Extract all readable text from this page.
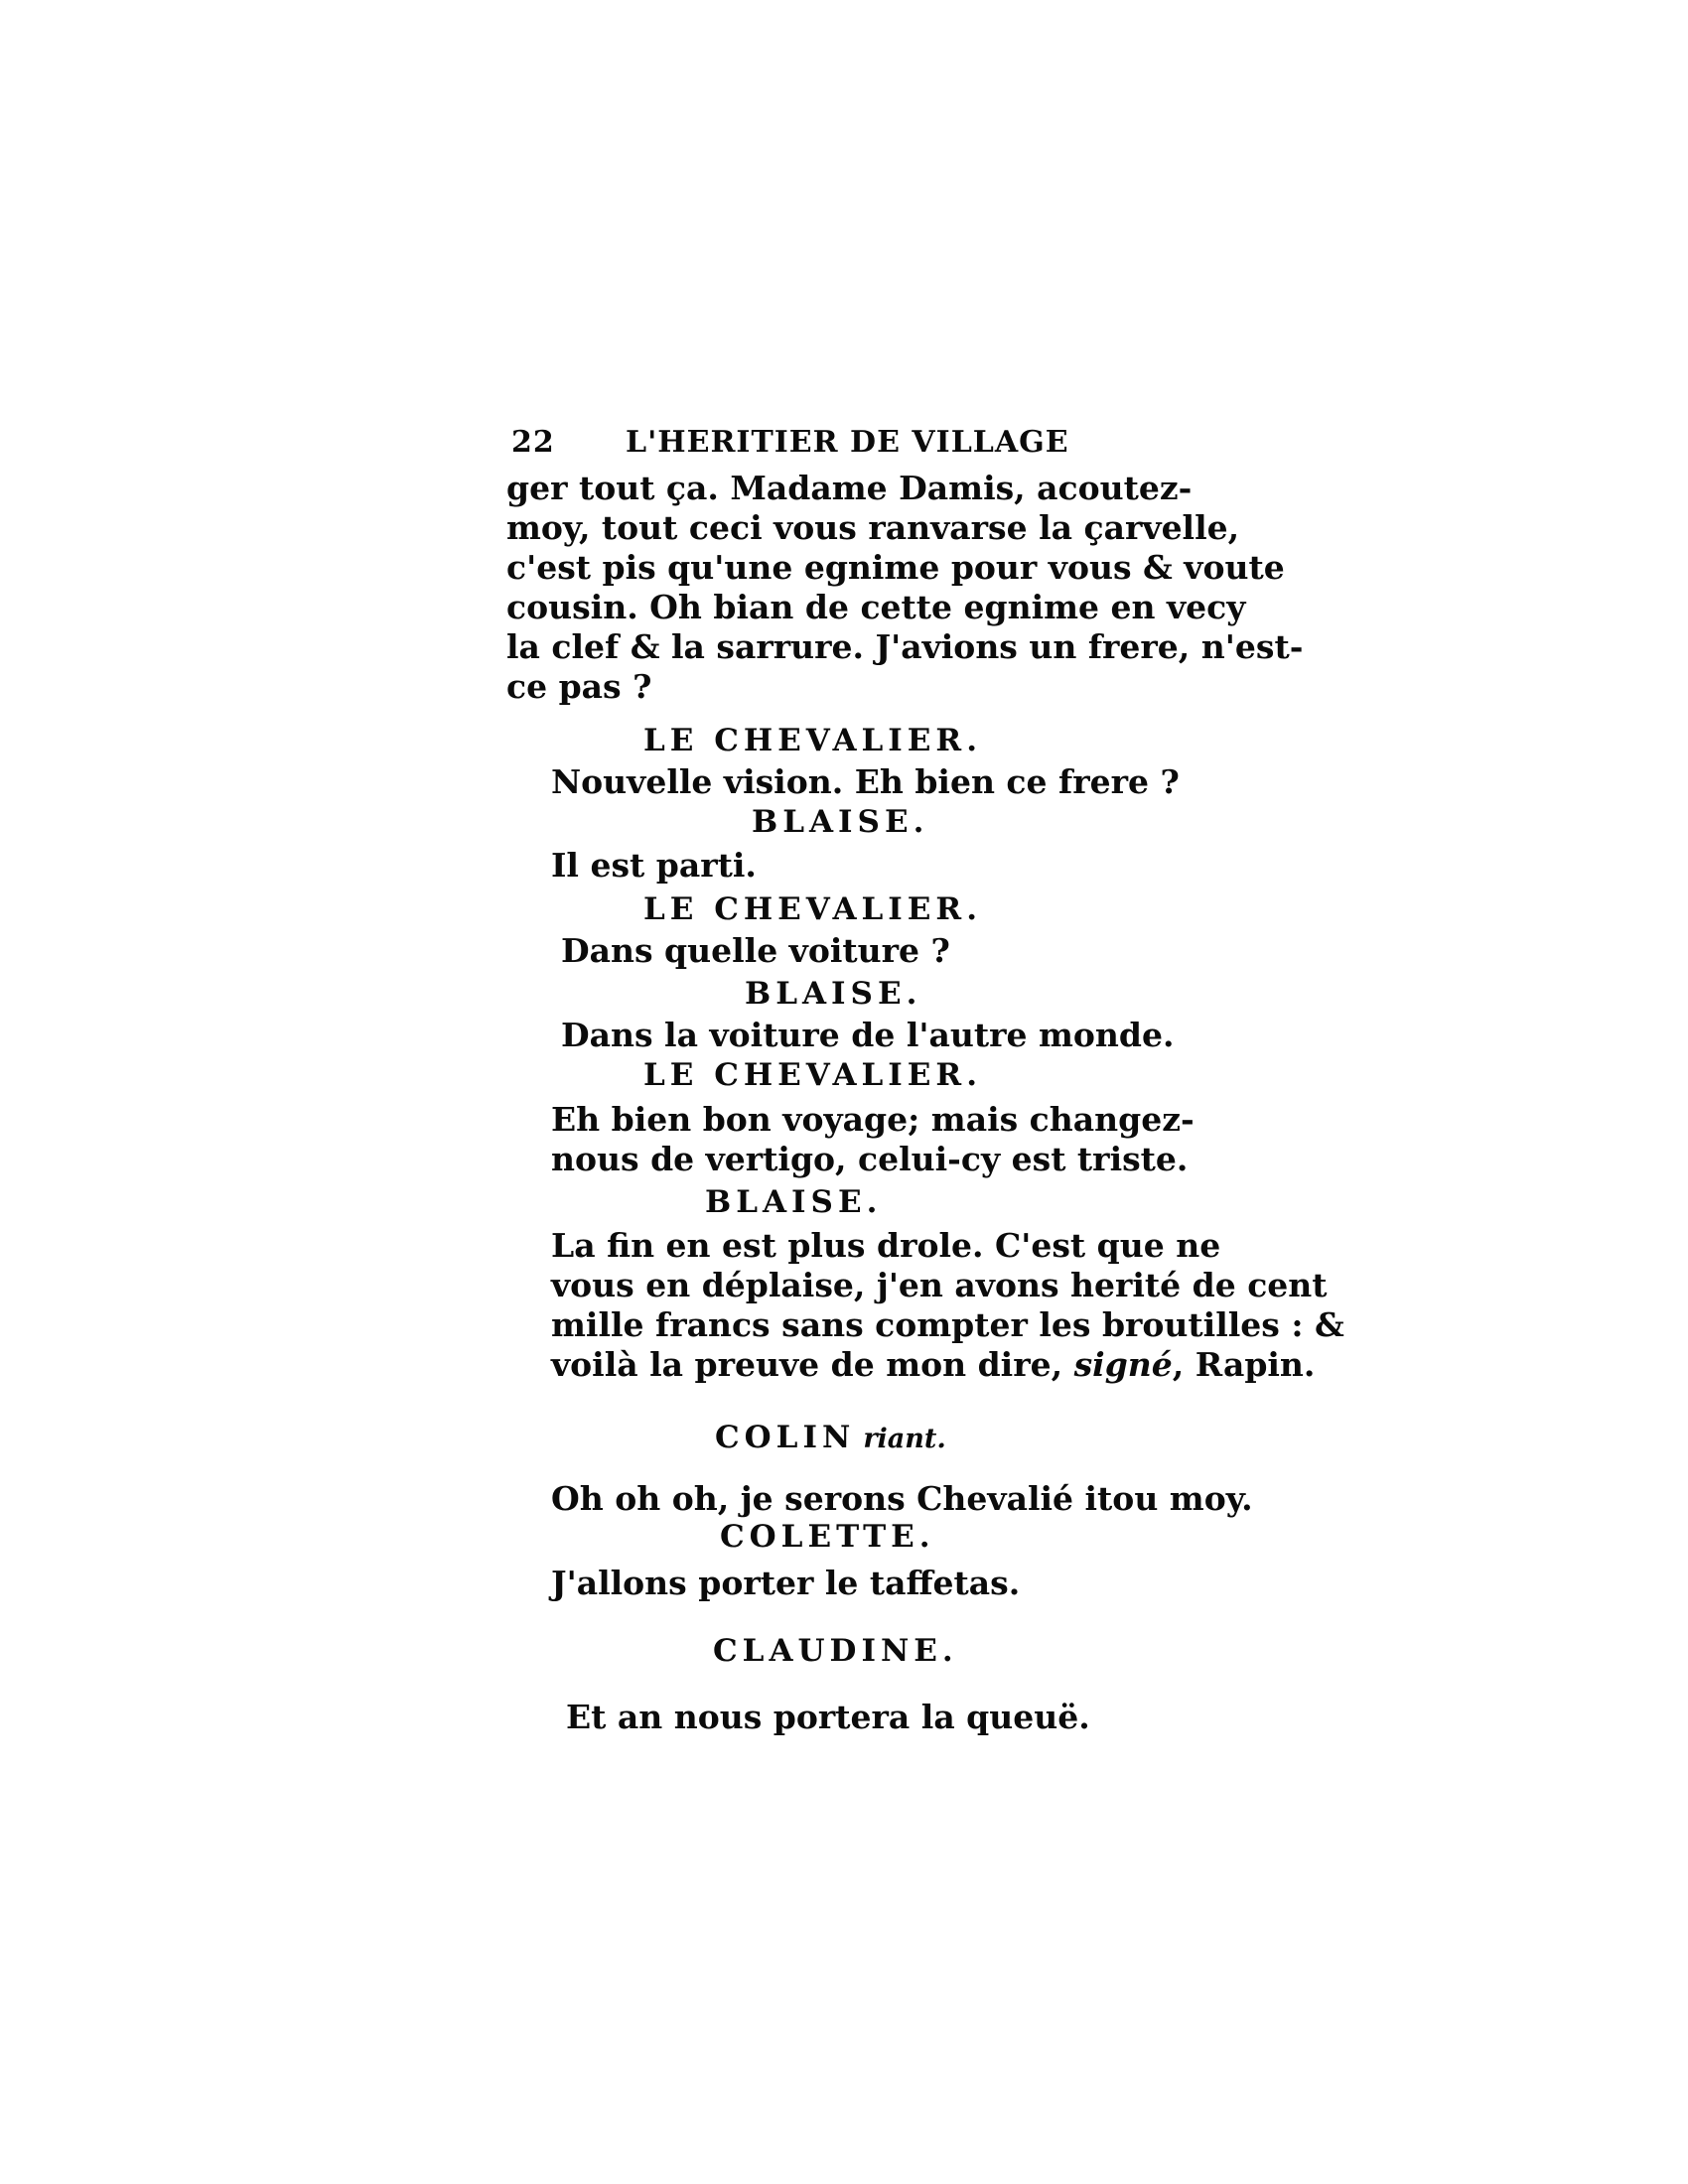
22 L'HERITIER DE VILLAGE
ger tout ça. Madame Damis, acoutez-
moy, tout ceci vous ranvarse la çarvelle,
c'est pis qu'une egnime pour vous & voute
cousin. Oh bian de cette egnime en vecy
la clef & la sarrure. J'avions un frere, n'est-
ce pas ?
LE CHEVALIER.
Nouvelle vision. Eh bien ce frere ?
BLAISE.
Il est parti.
LE CHEVALIER.
Dans quelle voiture ?
BLAISE.
Dans la voiture de l'autre monde.
LE CHEVALIER.
Eh bien bon voyage; mais changez-
nous de vertigo, celui-cy est triste.
BLAISE.
La fin en est plus drole. C'est que ne
vous en déplaise, j'en avons herité de cent
mille francs sans compter les broutilles : &
voilà la preuve de mon dire, signé, Rapin.
COLIN riant.
Oh oh oh, je serons Chevalié itou moy.
COLETTE.
J'allons porter le taffetas.
CLAUDINE.
Et an nous portera la queuë.
